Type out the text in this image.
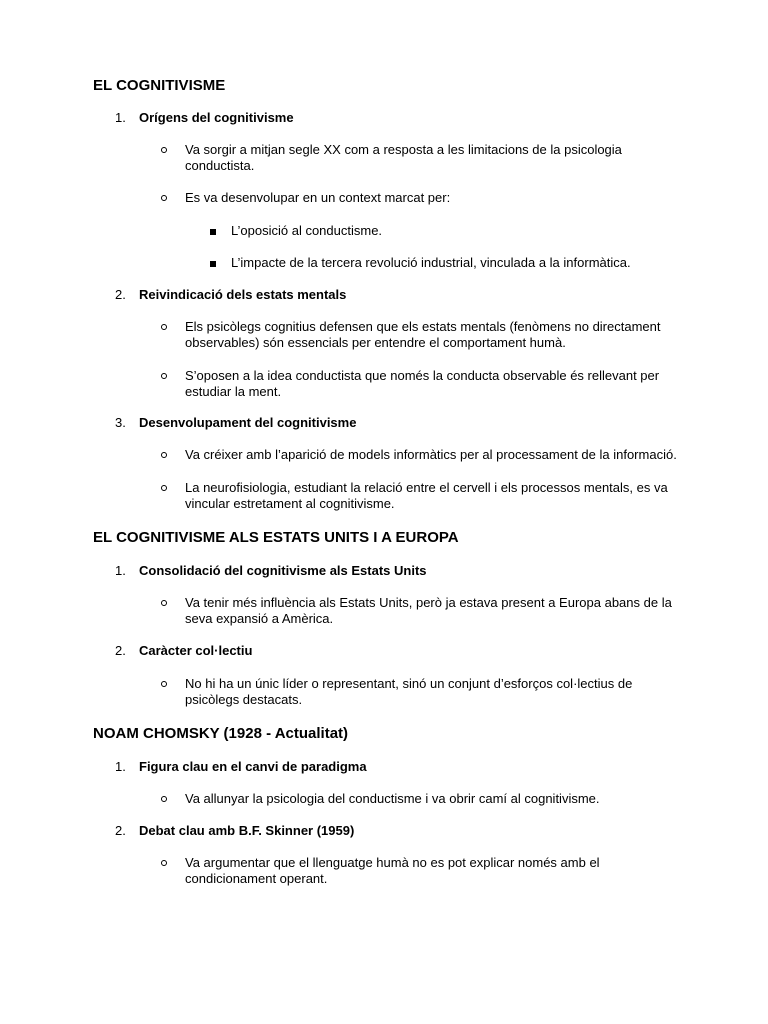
EL COGNITIVISME
1. Orígens del cognitivisme
Va sorgir a mitjan segle XX com a resposta a les limitacions de la psicologia
conductista.
Es va desenvolupar en un context marcat per:
L’oposició al conductisme.
L’impacte de la tercera revolució industrial, vinculada a la informàtica.
2. Reivindicació dels estats mentals
Els psicòlegs cognitius defensen que els estats mentals (fenòmens no directament
observables) són essencials per entendre el comportament humà.
S’oposen a la idea conductista que només la conducta observable és rellevant per
estudiar la ment.
3. Desenvolupament del cognitivisme
Va créixer amb l’aparició de models informàtics per al processament de la informació.
La neurofisiologia, estudiant la relació entre el cervell i els processos mentals, es va
vincular estretament al cognitivisme.
EL COGNITIVISME ALS ESTATS UNITS I A EUROPA
1. Consolidació del cognitivisme als Estats Units
Va tenir més influència als Estats Units, però ja estava present a Europa abans de la
seva expansió a Amèrica.
2. Caràcter col·lectiu
No hi ha un únic líder o representant, sinó un conjunt d’esforços col·lectius de
psicòlegs destacats.
NOAM CHOMSKY (1928 - Actualitat)
1. Figura clau en el canvi de paradigma
Va allunyar la psicologia del conductisme i va obrir camí al cognitivisme.
2. Debat clau amb B.F. Skinner (1959)
Va argumentar que el llenguatge humà no es pot explicar només amb el
condicionament operant.
